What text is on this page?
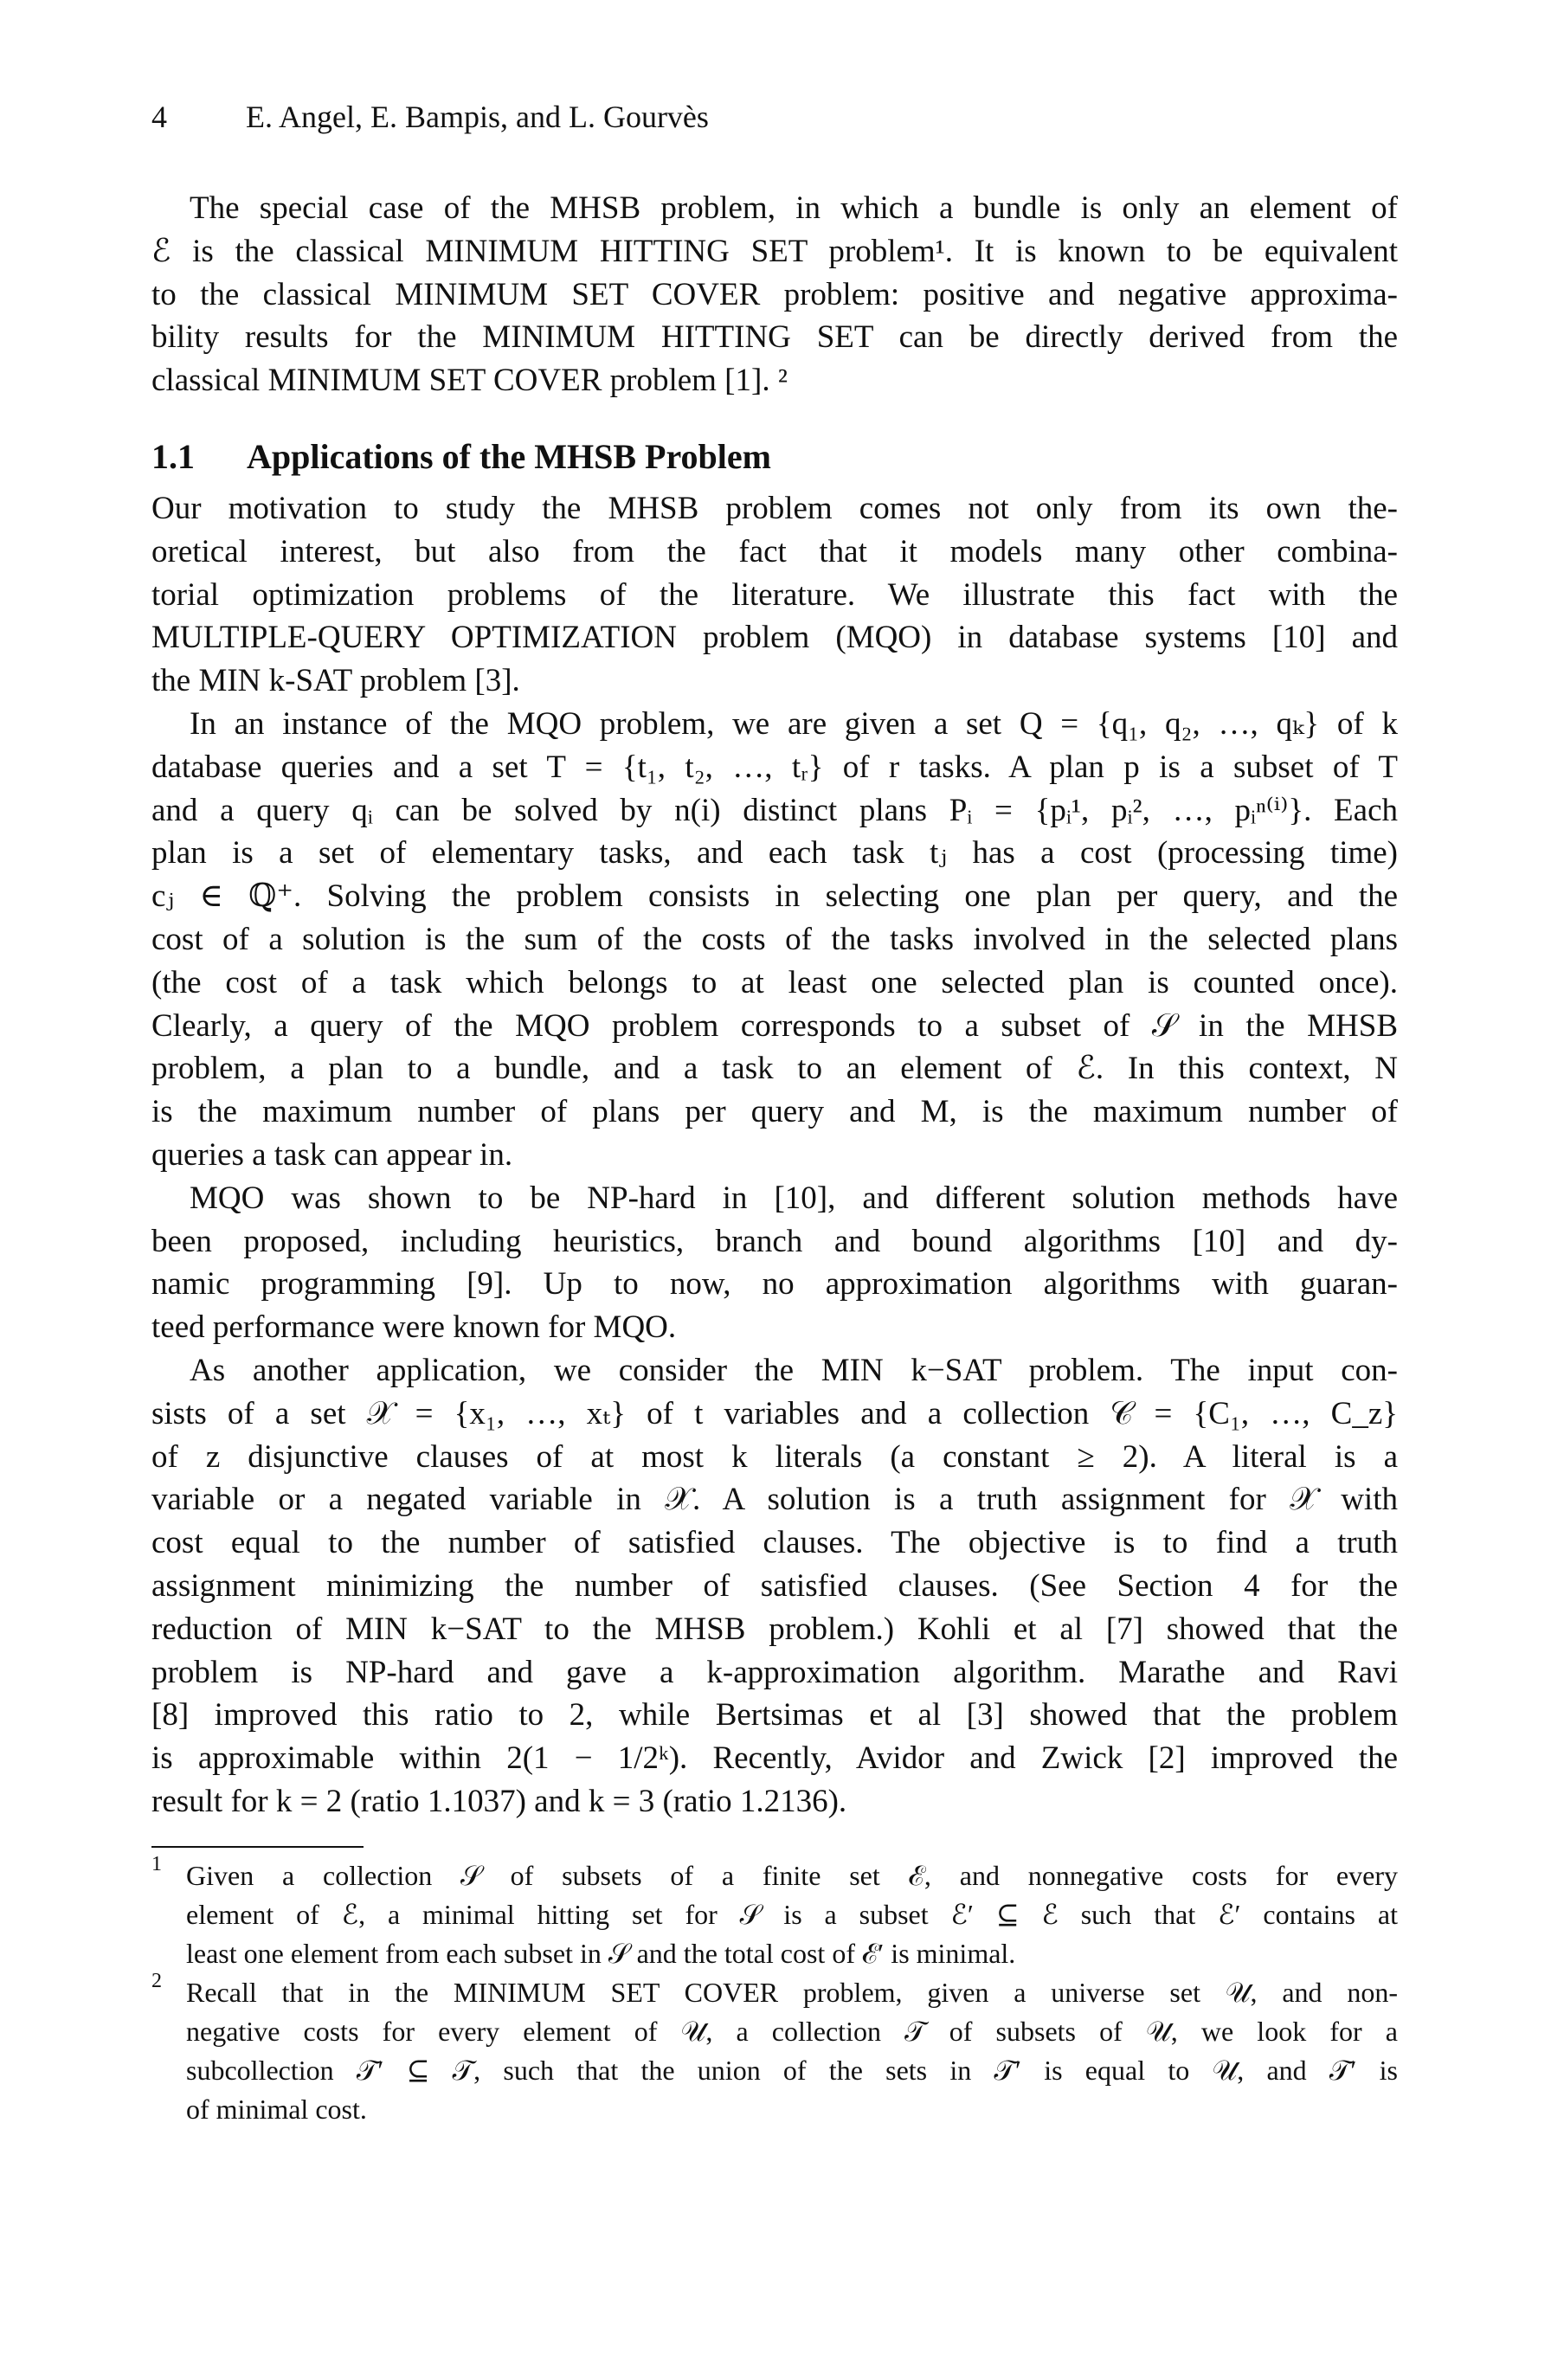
4	E. Angel, E. Bampis, and L. Gourvès
The special case of the MHSB problem, in which a bundle is only an element of
ℰ is the classical MINIMUM HITTING SET problem¹. It is known to be equivalent
to the classical MINIMUM SET COVER problem: positive and negative approxima-
bility results for the MINIMUM HITTING SET can be directly derived from the
classical MINIMUM SET COVER problem [1]. ²
1.1 Applications of the MHSB Problem
Our motivation to study the MHSB problem comes not only from its own the-
oretical interest, but also from the fact that it models many other combina-
torial optimization problems of the literature. We illustrate this fact with the
MULTIPLE-QUERY OPTIMIZATION problem (MQO) in database systems [10] and
the MIN k-SAT problem [3].
In an instance of the MQO problem, we are given a set Q = {q₁, q₂, …, qₖ} of k
database queries and a set T = {t₁, t₂, …, tᵣ} of r tasks. A plan p is a subset of T
and a query qᵢ can be solved by n(i) distinct plans Pᵢ = {pᵢ¹, pᵢ², …, pᵢⁿ⁽ⁱ⁾}. Each
plan is a set of elementary tasks, and each task tⱼ has a cost (processing time)
cⱼ ∈ ℚ⁺. Solving the problem consists in selecting one plan per query, and the
cost of a solution is the sum of the costs of the tasks involved in the selected plans
(the cost of a task which belongs to at least one selected plan is counted once).
Clearly, a query of the MQO problem corresponds to a subset of 𝒮 in the MHSB
problem, a plan to a bundle, and a task to an element of ℰ. In this context, N
is the maximum number of plans per query and M, is the maximum number of
queries a task can appear in.
MQO was shown to be NP-hard in [10], and different solution methods have
been proposed, including heuristics, branch and bound algorithms [10] and dy-
namic programming [9]. Up to now, no approximation algorithms with guaran-
teed performance were known for MQO.
As another application, we consider the MIN k−SAT problem. The input con-
sists of a set 𝒳 = {x₁, …, xₜ} of t variables and a collection 𝒞 = {C₁, …, C_z}
of z disjunctive clauses of at most k literals (a constant ≥ 2). A literal is a
variable or a negated variable in 𝒳. A solution is a truth assignment for 𝒳 with
cost equal to the number of satisfied clauses. The objective is to find a truth
assignment minimizing the number of satisfied clauses. (See Section 4 for the
reduction of MIN k−SAT to the MHSB problem.) Kohli et al [7] showed that the
problem is NP-hard and gave a k-approximation algorithm. Marathe and Ravi
[8] improved this ratio to 2, while Bertsimas et al [3] showed that the problem
is approximable within 2(1 − 1/2ᵏ). Recently, Avidor and Zwick [2] improved the
result for k = 2 (ratio 1.1037) and k = 3 (ratio 1.2136).
1 Given a collection 𝒮 of subsets of a finite set ℰ, and nonnegative costs for every
element of ℰ, a minimal hitting set for 𝒮 is a subset ℰ′ ⊆ ℰ such that ℰ′ contains at
least one element from each subset in 𝒮 and the total cost of ℰ′ is minimal.
2 Recall that in the MINIMUM SET COVER problem, given a universe set 𝒰, and non-
negative costs for every element of 𝒰, a collection 𝒯 of subsets of 𝒰, we look for a
subcollection 𝒯′ ⊆ 𝒯, such that the union of the sets in 𝒯′ is equal to 𝒰, and 𝒯′ is
of minimal cost.
